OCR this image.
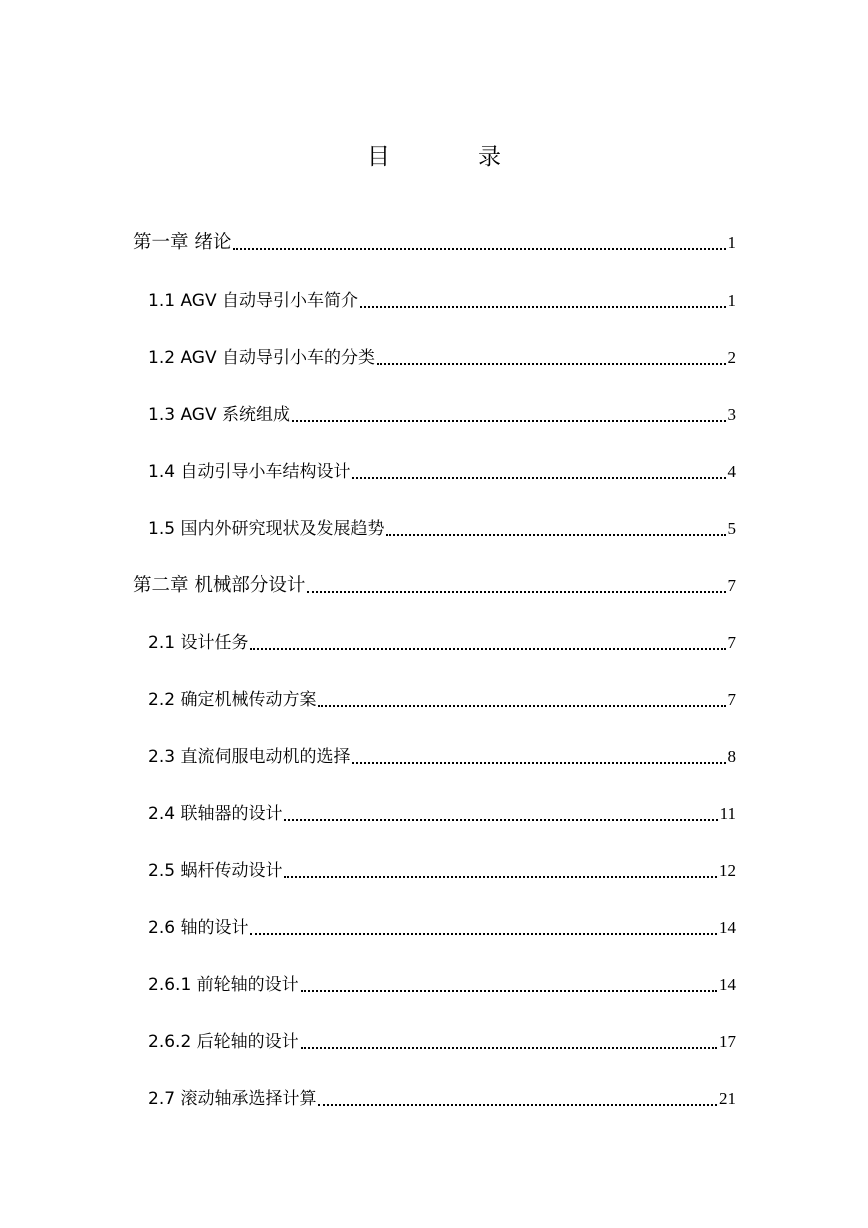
目	录
第一章 绪论	1
1.1 AGV 自动导引小车简介	1
1.2 AGV 自动导引小车的分类	2
1.3 AGV 系统组成	3
1.4 自动引导小车结构设计	4
1.5 国内外研究现状及发展趋势	5
第二章 机械部分设计	7
2.1 设计任务	7
2.2 确定机械传动方案	7
2.3 直流伺服电动机的选择	8
2.4 联轴器的设计	11
2.5 蜗杆传动设计	12
2.6 轴的设计	14
2.6.1 前轮轴的设计	14
2.6.2 后轮轴的设计	17
2.7 滚动轴承选择计算	21
